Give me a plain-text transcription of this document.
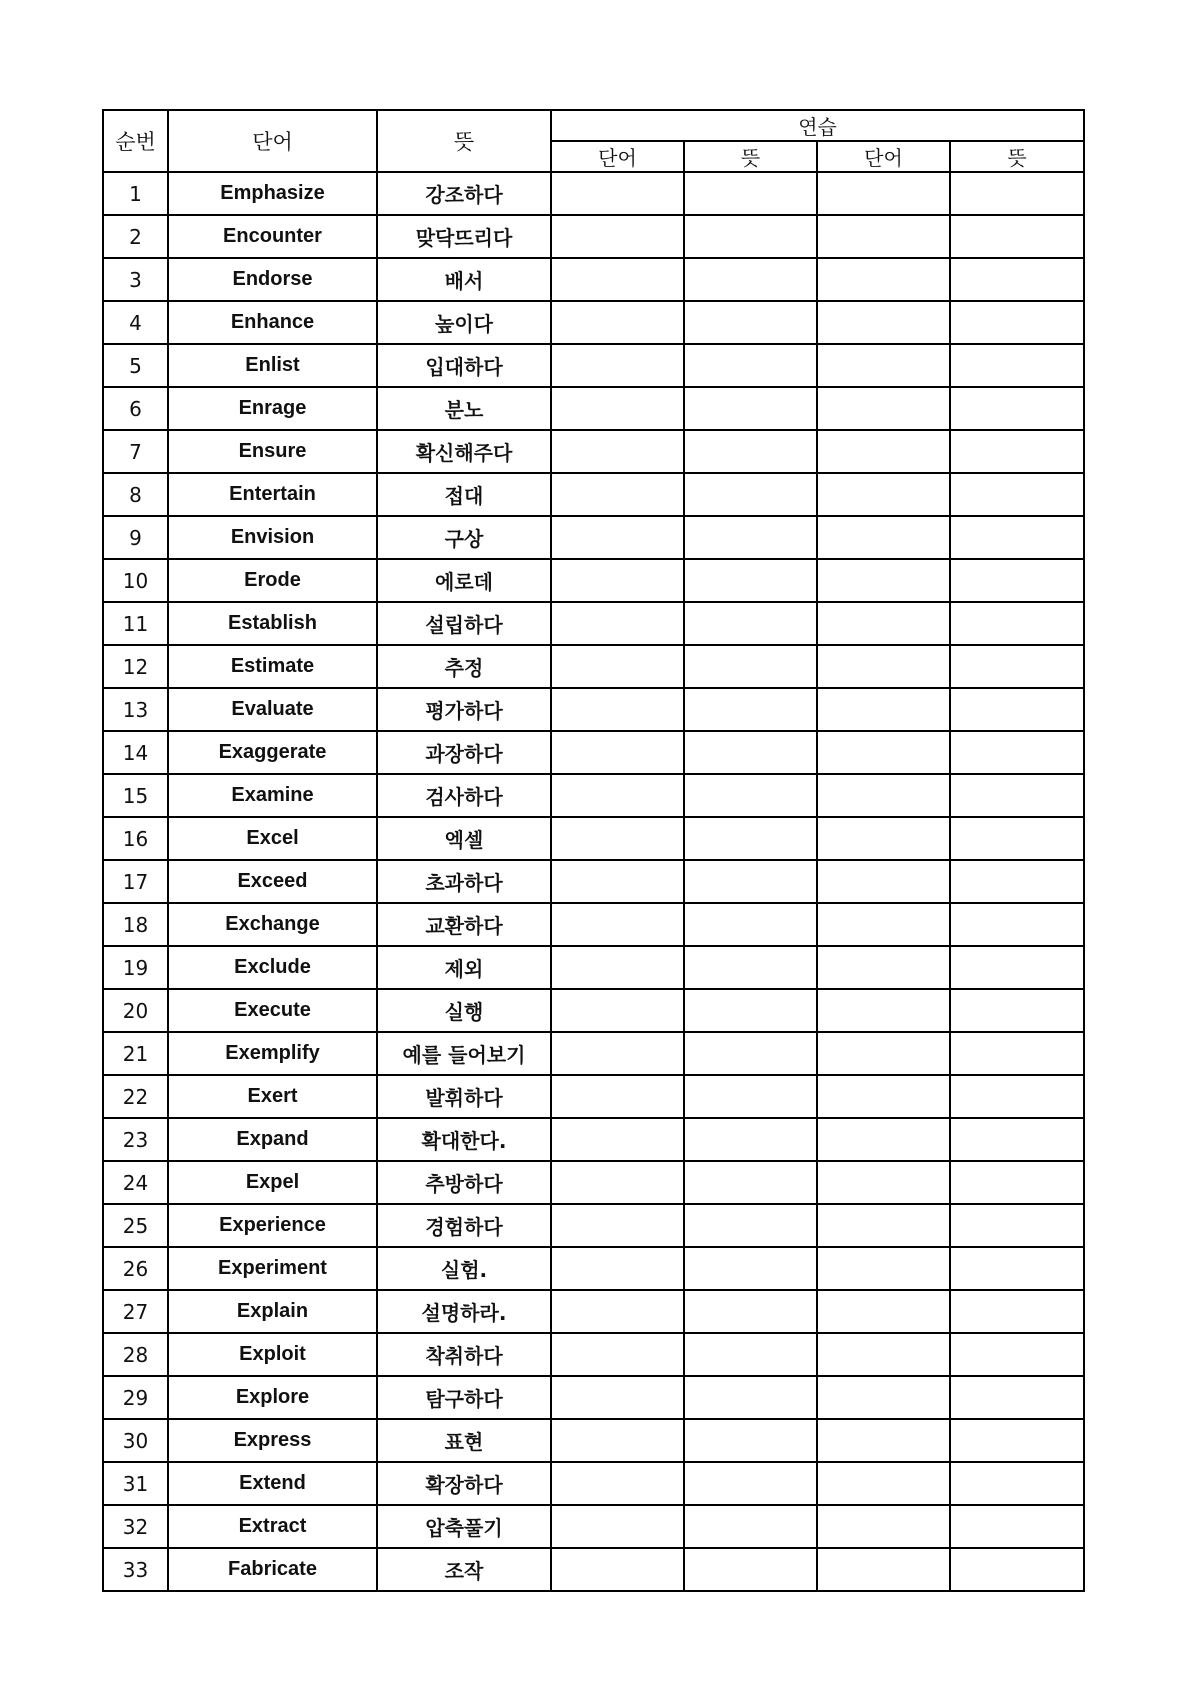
순번	단어	뜻	연습			
			단어	뜻	단어	뜻
1	Emphasize	강조하다				
2	Encounter	맞닥뜨리다				
3	Endorse	배서				
4	Enhance	높이다				
5	Enlist	입대하다				
6	Enrage	분노				
7	Ensure	확신해주다				
8	Entertain	접대				
9	Envision	구상				
10	Erode	에로데				
11	Establish	설립하다				
12	Estimate	추정				
13	Evaluate	평가하다				
14	Exaggerate	과장하다				
15	Examine	검사하다				
16	Excel	엑셀				
17	Exceed	초과하다				
18	Exchange	교환하다				
19	Exclude	제외				
20	Execute	실행				
21	Exemplify	예를 들어보기				
22	Exert	발휘하다				
23	Expand	확대한다.				
24	Expel	추방하다				
25	Experience	경험하다				
26	Experiment	실험.				
27	Explain	설명하라.				
28	Exploit	착취하다				
29	Explore	탐구하다				
30	Express	표현				
31	Extend	확장하다				
32	Extract	압축풀기				
33	Fabricate	조작				
